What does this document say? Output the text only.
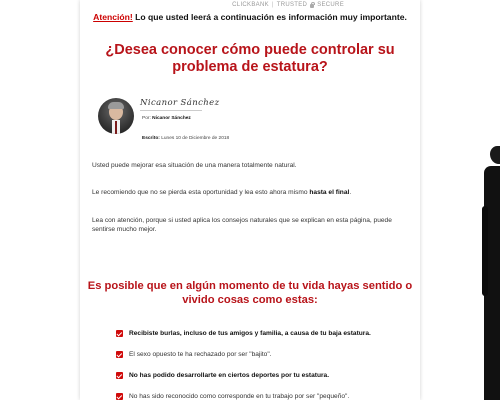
CLICKBANK | TRUSTED SECURE
Atención! Lo que usted leerá a continuación es información muy importante.
¿Desea conocer cómo puede controlar su problema de estatura?
Nicanor Sánchez
Por: Nicanor Sánchez
Escrito: Lunes 10 de Diciembre de 2018
Usted puede mejorar esa situación de una manera totalmente natural.
Le recomiendo que no se pierda esta oportunidad y lea esto ahora mismo hasta el final.
Lea con atención, porque si usted aplica los consejos naturales que se explican en esta página, puede sentirse mucho mejor.
Es posible que en algún momento de tu vida hayas sentido o vivido cosas como estas:
Recibiste burlas, incluso de tus amigos y familia, a causa de tu baja estatura.
El sexo opuesto te ha rechazado por ser "bajito".
No has podido desarrollarte en ciertos deportes por tu estatura.
No has sido reconocido como corresponde en tu trabajo por ser "pequeño".
